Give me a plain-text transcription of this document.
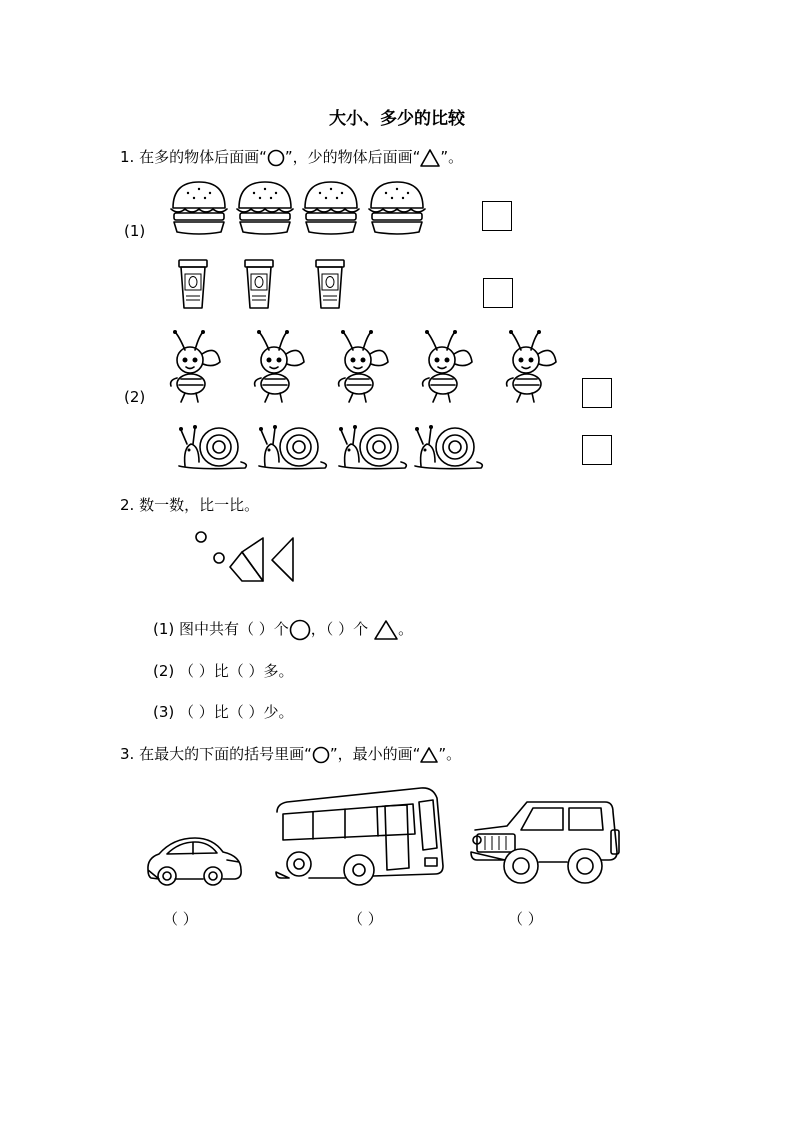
大小、多少的比较
1. 在多的物体后面画“ ”，少的物体后面画“ ”。
(1)
(2)
2. 数一数，比一比。
(1) 图中共有（ ）个 ，（ ）个 。
(2) （ ）比（ ）多。
(3) （ ）比（ ）少。
3. 在最大的下面的括号里画“ ”，最小的画“ ”。
（ ）	（ ）	（ ）
